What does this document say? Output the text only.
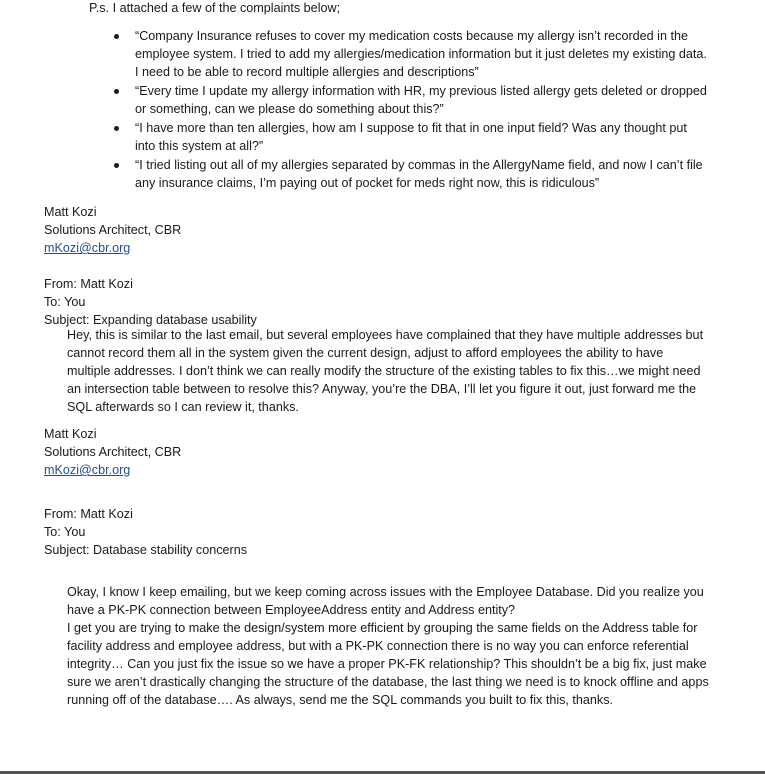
P.s. I attached a few of the complaints below;
“Company Insurance refuses to cover my medication costs because my allergy isn’t recorded in the
employee system. I tried to add my allergies/medication information but it just deletes my existing data.
I need to be able to record multiple allergies and descriptions”
“Every time I update my allergy information with HR, my previous listed allergy gets deleted or dropped
or something, can we please do something about this?”
“I have more than ten allergies, how am I suppose to fit that in one input field? Was any thought put
into this system at all?”
“I tried listing out all of my allergies separated by commas in the AllergyName field, and now I can’t file
any insurance claims, I’m paying out of pocket for meds right now, this is ridiculous”
Matt Kozi
Solutions Architect, CBR
mKozi@cbr.org
From: Matt Kozi
To: You
Subject: Expanding database usability
Hey, this is similar to the last email, but several employees have complained that they have multiple addresses but
cannot record them all in the system given the current design, adjust to afford employees the ability to have
multiple addresses. I don’t think we can really modify the structure of the existing tables to fix this…we might need
an intersection table between to resolve this? Anyway, you’re the DBA, I’ll let you figure it out, just forward me the
SQL afterwards so I can review it, thanks.
Matt Kozi
Solutions Architect, CBR
mKozi@cbr.org
From: Matt Kozi
To: You
Subject: Database stability concerns
Okay, I know I keep emailing, but we keep coming across issues with the Employee Database. Did you realize you
have a PK-PK connection between EmployeeAddress entity and Address entity?
I get you are trying to make the design/system more efficient by grouping the same fields on the Address table for
facility address and employee address, but with a PK-PK connection there is no way you can enforce referential
integrity… Can you just fix the issue so we have a proper PK-FK relationship? This shouldn’t be a big fix, just make
sure we aren’t drastically changing the structure of the database, the last thing we need is to knock offline and apps
running off of the database…. As always, send me the SQL commands you built to fix this, thanks.
